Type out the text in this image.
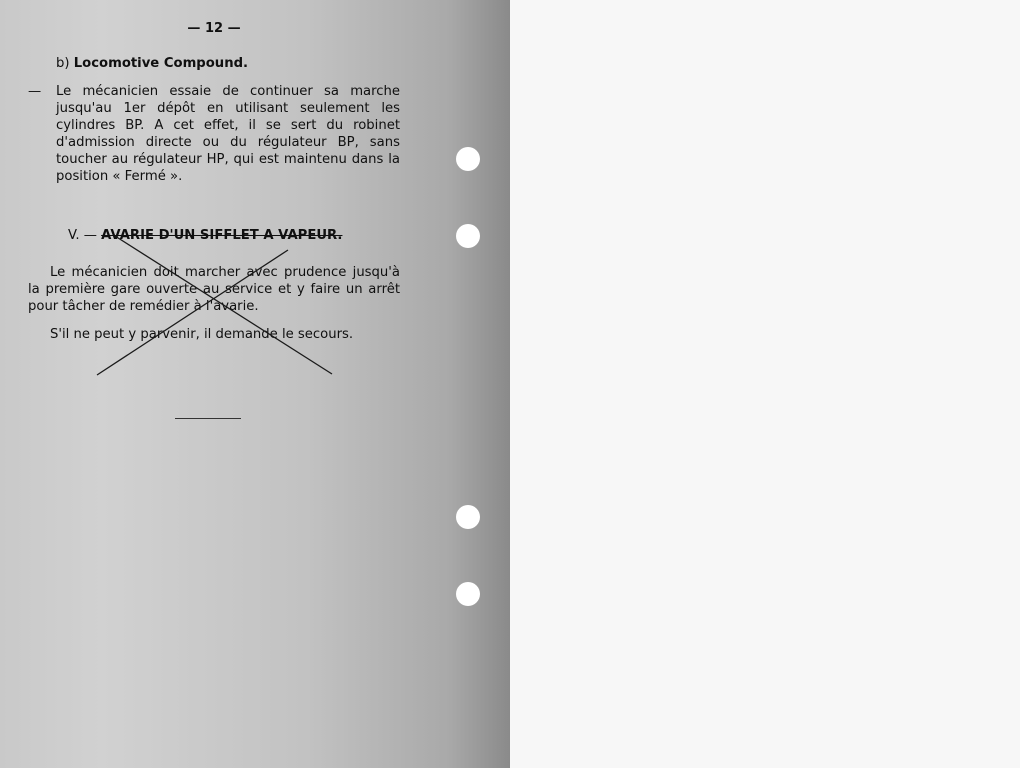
— 12 —
b) Locomotive Compound.

— Le mécanicien essaie de continuer sa marche jusqu'au 1er dépôt en utilisant seulement les cylindres BP. A cet effet, il se sert du robinet d'admission directe ou du régulateur BP, sans toucher au régulateur HP, qui est maintenu dans la position « Fermé ».

V. — AVARIE D'UN SIFFLET A VAPEUR.

Le mécanicien doit marcher avec prudence jusqu'à la première gare ouverte au service et y faire un arrêt pour tâcher de remédier à l'avarie.

S'il ne peut y parvenir, il demande le secours.
